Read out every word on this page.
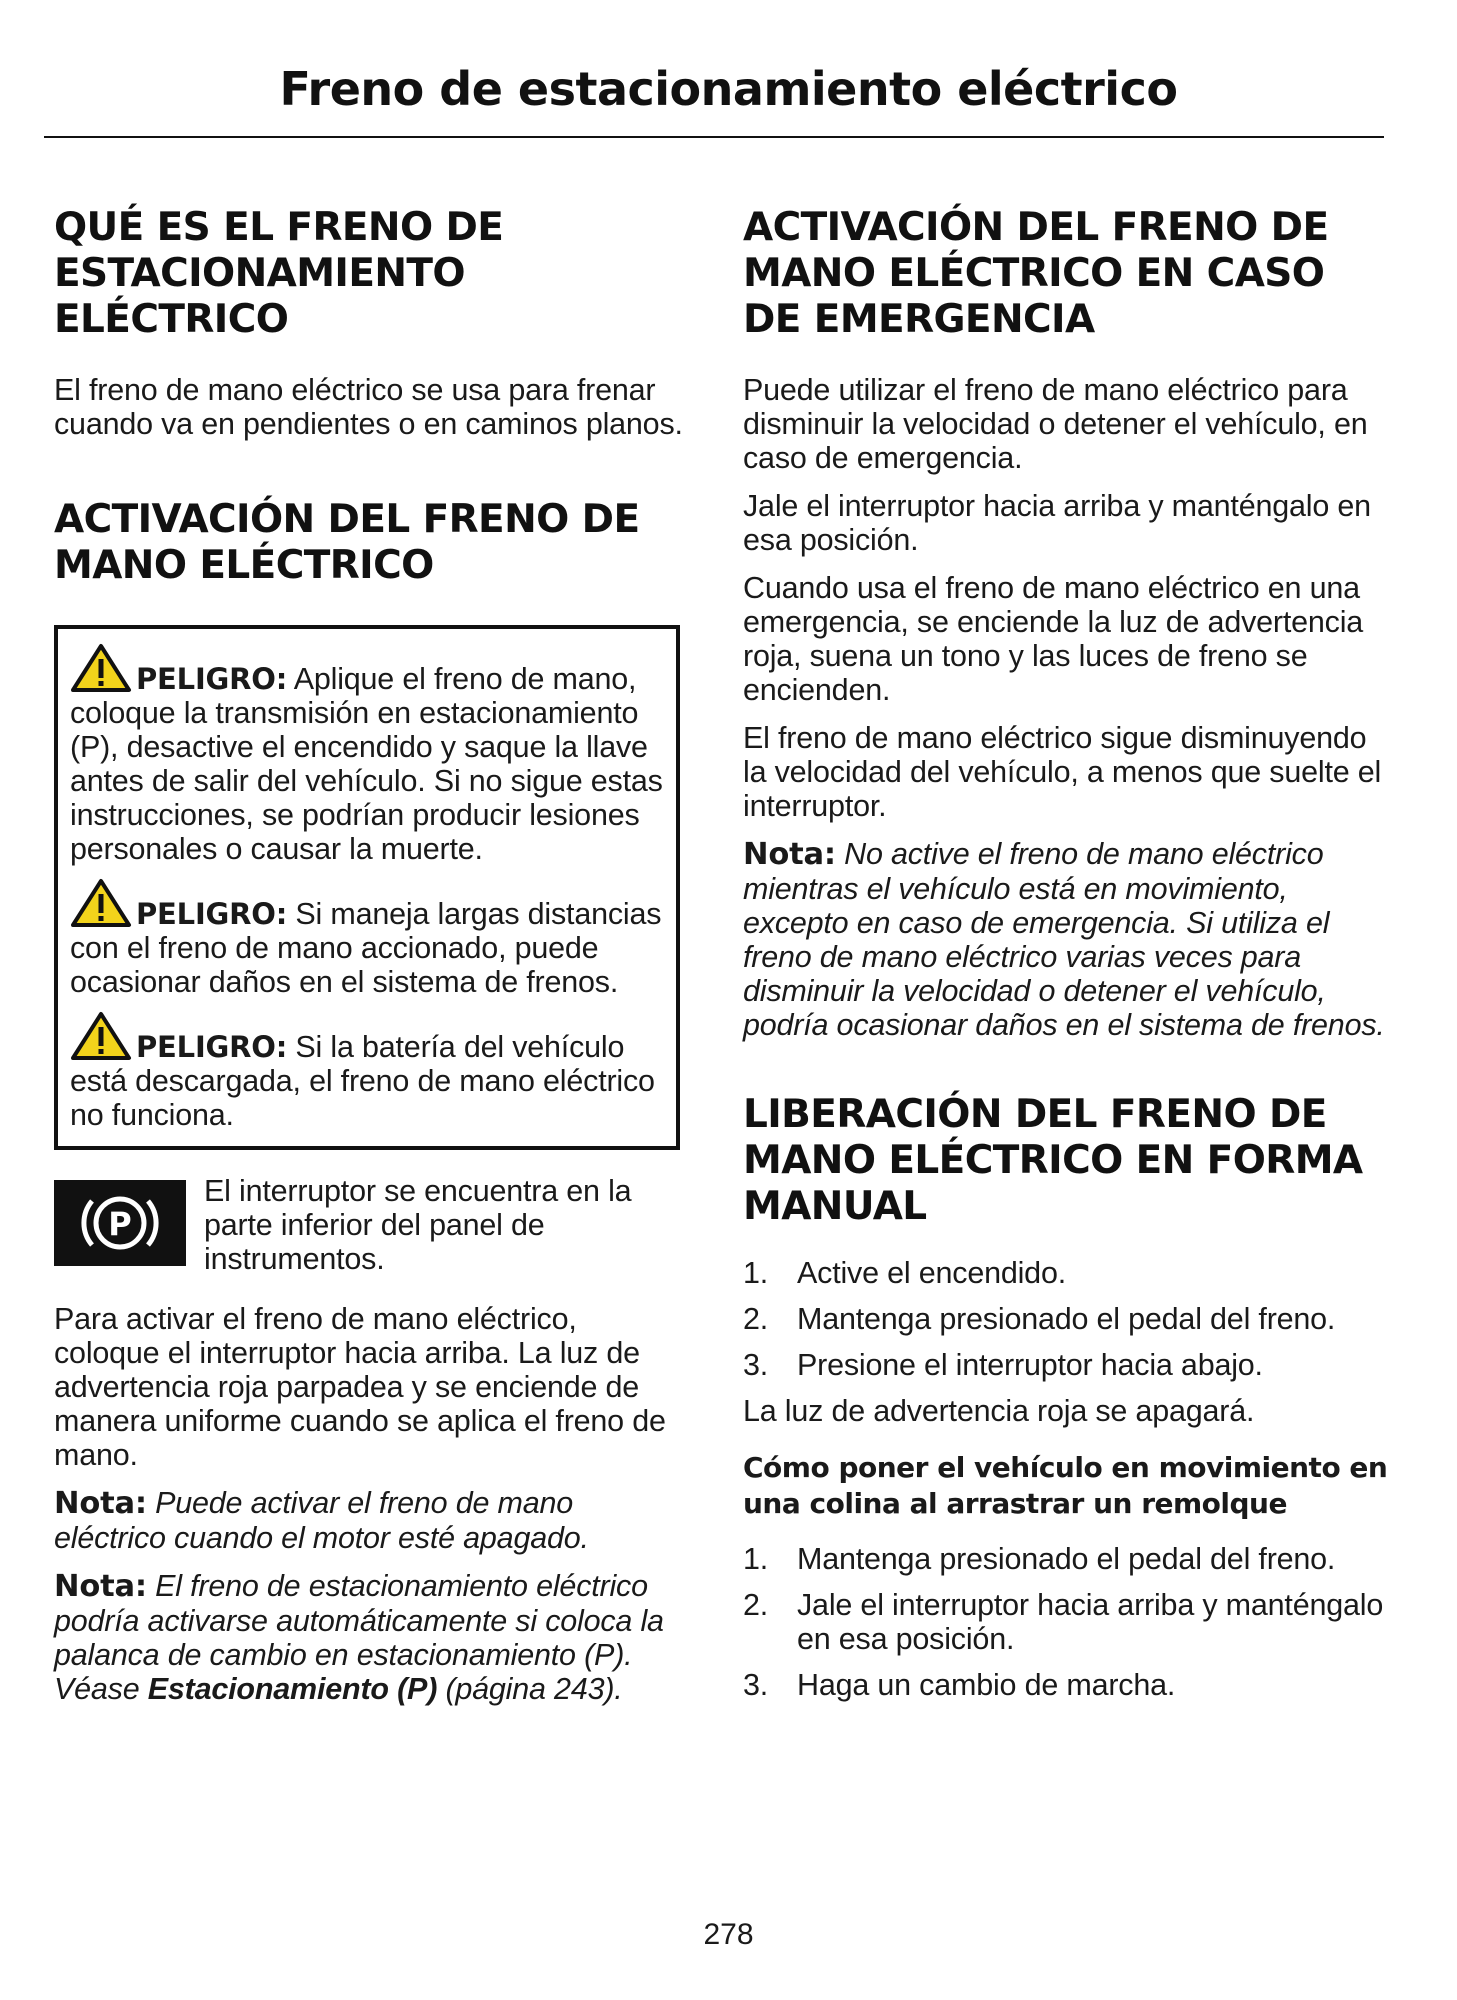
Freno de estacionamiento eléctrico
QUÉ ES EL FRENO DE ESTACIONAMIENTO ELÉCTRICO

El freno de mano eléctrico se usa para frenar cuando va en pendientes o en caminos planos.

ACTIVACIÓN DEL FRENO DE MANO ELÉCTRICO
PELIGRO: Aplique el freno de mano, coloque la transmisión en estacionamiento (P), desactive el encendido y saque la llave antes de salir del vehículo. Si no sigue estas instrucciones, se podrían producir lesiones personales o causar la muerte.
PELIGRO: Si maneja largas distancias con el freno de mano accionado, puede ocasionar daños en el sistema de frenos.
PELIGRO: Si la batería del vehículo está descargada, el freno de mano eléctrico no funciona.
P

El interruptor se encuentra en la parte inferior del panel de instrumentos.

Para activar el freno de mano eléctrico, coloque el interruptor hacia arriba. La luz de advertencia roja parpadea y se enciende de manera uniforme cuando se aplica el freno de mano.

Nota: Puede activar el freno de mano eléctrico cuando el motor esté apagado.

Nota: El freno de estacionamiento eléctrico podría activarse automáticamente si coloca la palanca de cambio en estacionamiento (P). Véase Estacionamiento (P) (página 243).

ACTIVACIÓN DEL FRENO DE MANO ELÉCTRICO EN CASO DE EMERGENCIA

Puede utilizar el freno de mano eléctrico para disminuir la velocidad o detener el vehículo, en caso de emergencia.

Jale el interruptor hacia arriba y manténgalo en esa posición.

Cuando usa el freno de mano eléctrico en una emergencia, se enciende la luz de advertencia roja, suena un tono y las luces de freno se encienden.

El freno de mano eléctrico sigue disminuyendo la velocidad del vehículo, a menos que suelte el interruptor.

Nota: No active el freno de mano eléctrico mientras el vehículo está en movimiento, excepto en caso de emergencia. Si utiliza el freno de mano eléctrico varias veces para disminuir la velocidad o detener el vehículo, podría ocasionar daños en el sistema de frenos.

LIBERACIÓN DEL FRENO DE MANO ELÉCTRICO EN FORMA MANUAL
1. Active el encendido.
2. Mantenga presionado el pedal del freno.
3. Presione el interruptor hacia abajo.

La luz de advertencia roja se apagará.

Cómo poner el vehículo en movimiento en una colina al arrastrar un remolque
1. Mantenga presionado el pedal del freno.
2. Jale el interruptor hacia arriba y manténgalo en esa posición.
3. Haga un cambio de marcha.
278
